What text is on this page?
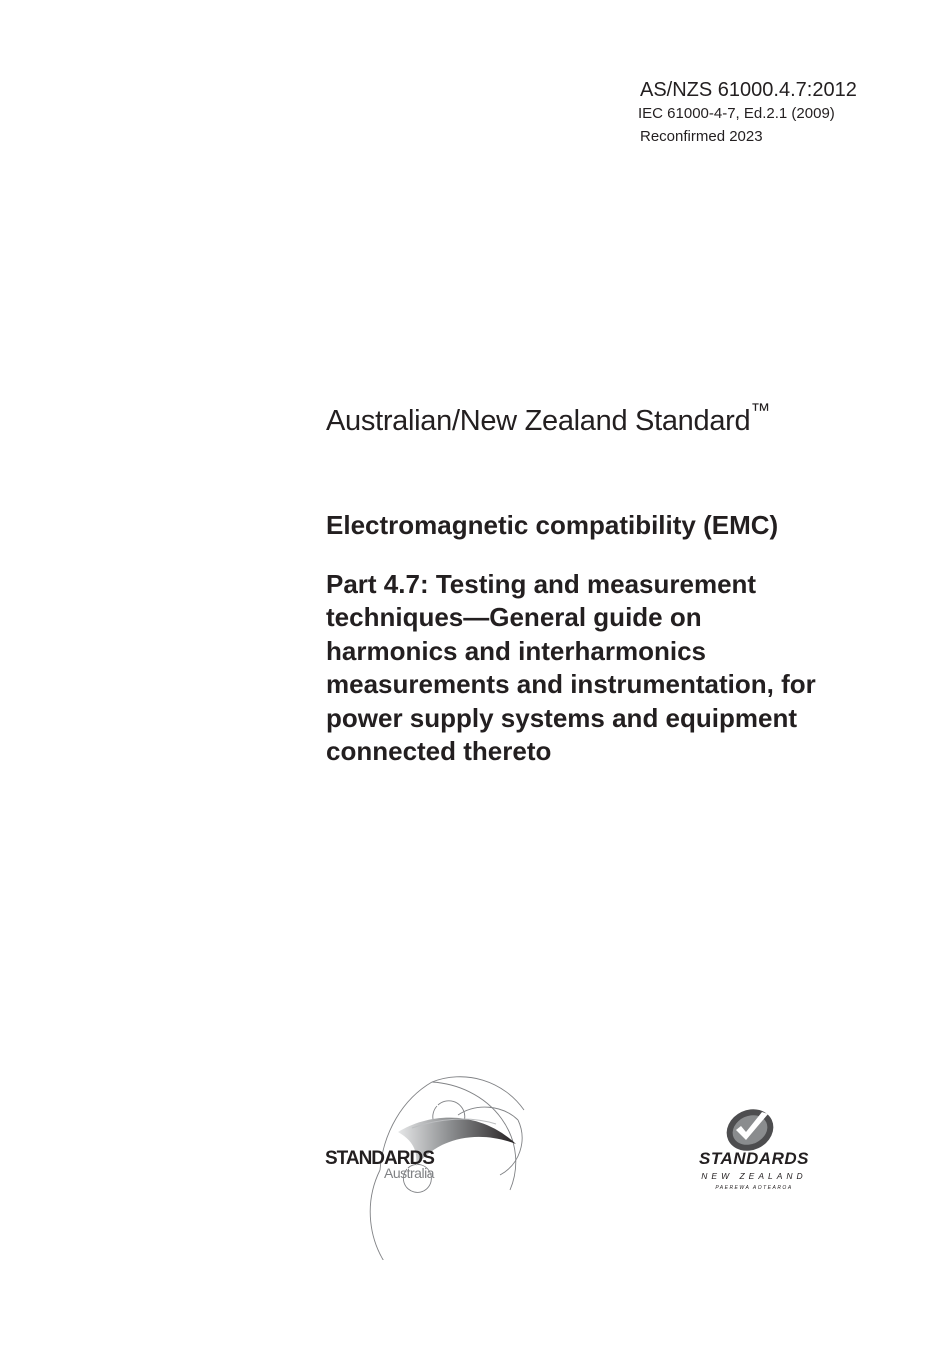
AS/NZS 61000.4.7:2012
IEC 61000-4-7, Ed.2.1 (2009)
Reconfirmed 2023
Australian/New Zealand Standard™
Electromagnetic compatibility (EMC)
Part 4.7: Testing and measurement
techniques—General guide on
harmonics and interharmonics
measurements and instrumentation, for
power supply systems and equipment
connected thereto
STANDARDS
Australia
STANDARDS
NEW ZEALAND
PAEREWA AOTEAROA
